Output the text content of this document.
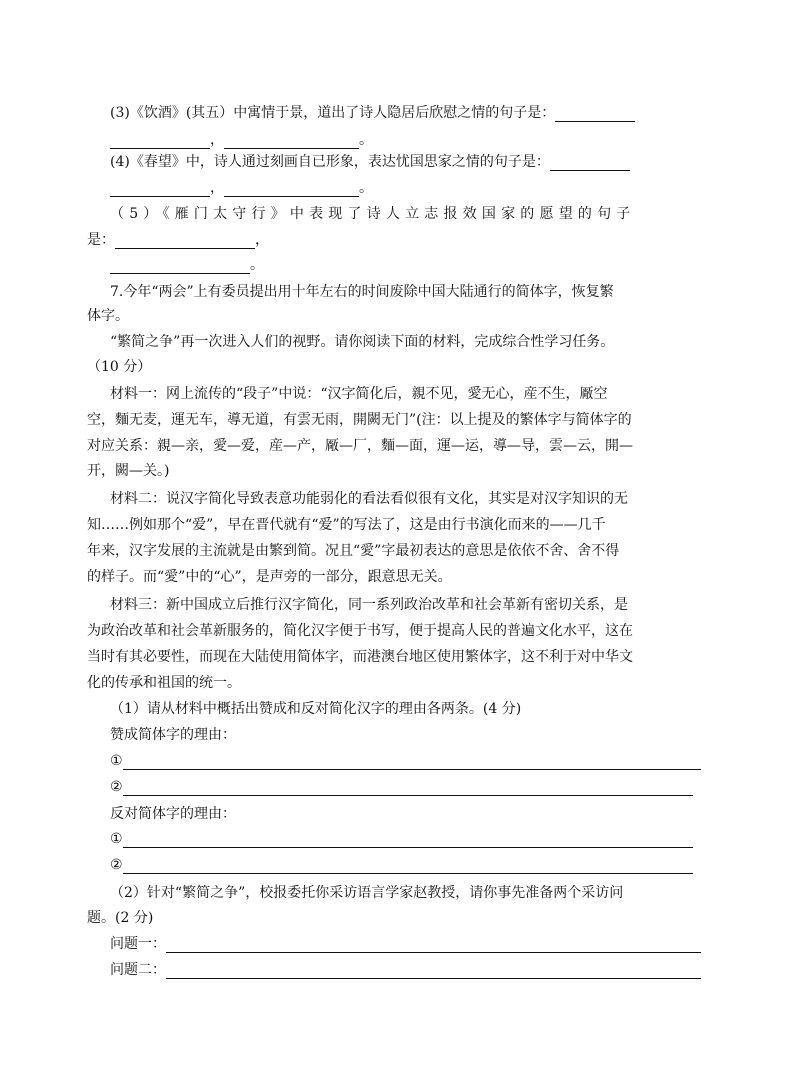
(3)《饮酒》(其五）中寓情于景，道出了诗人隐居后欣慰之情的句子是：
，	。
(4)《春望》中，诗人通过刻画自已形象，表达忧国思家之情的句子是：
，	。
（5）《雁门太守行》中表现了诗人立志报效国家的愿望的句子
是：	，
。
7.今年“两会”上有委员提出用十年左右的时间废除中国大陆通行的简体字，恢复繁
体字。
“繁简之争”再一次进入人们的视野。请你阅读下面的材料，完成综合性学习任务。
（10 分）
材料一：网上流传的“段子”中说：“汉字简化后，親不见，愛无心，産不生，厰空
空，麵无麦，運无车，導无道，有雲无雨，開闕无门”(注：以上提及的繁体字与简体字的
对应关系：親—亲，愛—爱，産—产，厰—厂，麵—面，運—运，導—导，雲—云，開—
开，闕—关。)
材料二：说汉字简化导致表意功能弱化的看法看似很有文化，其实是对汉字知识的无
知……例如那个“爱”，早在晋代就有“爱”的写法了，这是由行书演化而来的——几千
年来，汉字发展的主流就是由繁到简。况且“愛”字最初表达的意思是依依不舍、舍不得
的样子。而“愛”中的“心”，是声旁的一部分，跟意思无关。
材料三：新中国成立后推行汉字简化，同一系列政治改革和社会革新有密切关系，是
为政治改革和社会革新服务的，简化汉字便于书写，便于提高人民的普遍文化水平，这在
当时有其必要性，而现在大陆使用简体字，而港澳台地区使用繁体字，这不利于对中华文
化的传承和祖国的统一。
（1）请从材料中概括出赞成和反对简化汉字的理由各两条。(4 分)
赞成简体字的理由：
①
②
反对简体字的理由：
①
②
（2）针对“繁简之争”，校报委托你采访语言学家赵教授，请你事先准备两个采访问
题。(2 分)
问题一：
问题二：
